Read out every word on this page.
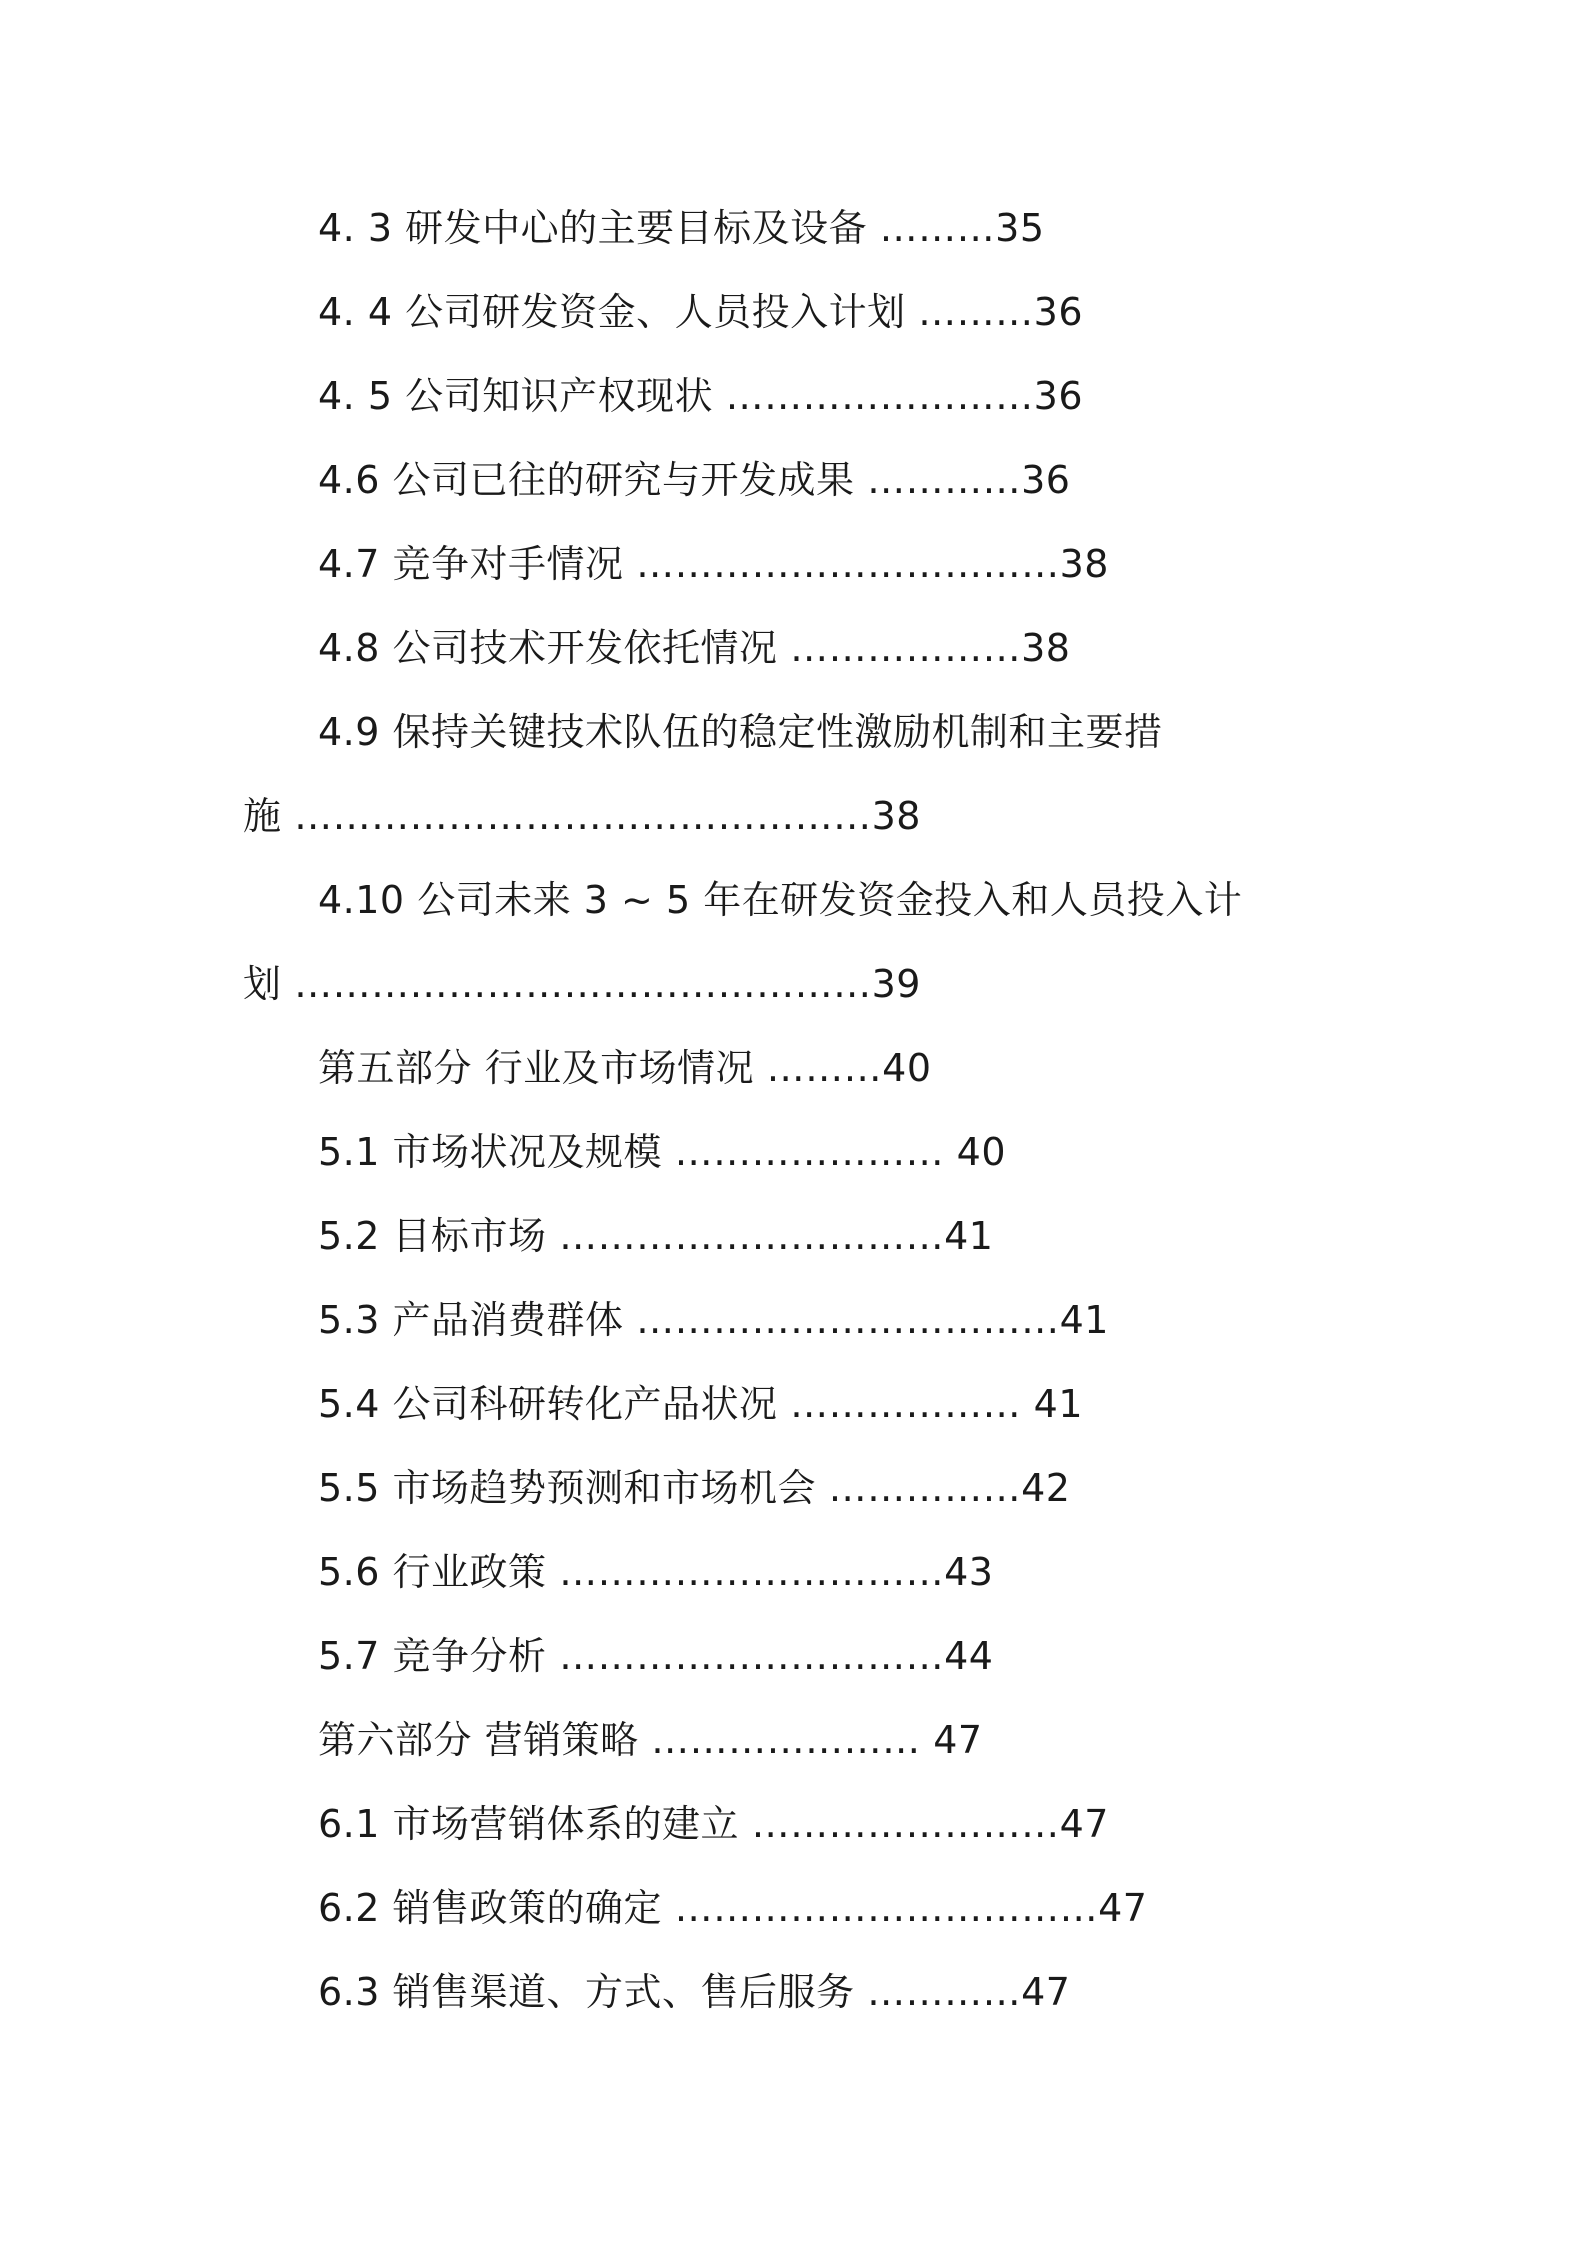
4. 3 研发中心的主要目标及设备 ………35
4. 4 公司研发资金、人员投入计划 ………36
4. 5 公司知识产权现状 ……………………36
4.6 公司已往的研究与开发成果 …………36
4.7 竞争对手情况 ……………………………38
4.8 公司技术开发依托情况 ………………38
4.9 保持关键技术队伍的稳定性激励机制和主要措
施 ………………………………………38
4.10 公司未来 3 ~ 5 年在研发资金投入和人员投入计
划 ………………………………………39
第五部分 行业及市场情况 ………40
5.1 市场状况及规模 ………………… 40
5.2 目标市场 …………………………41
5.3 产品消费群体 ……………………………41
5.4 公司科研转化产品状况 ……………… 41
5.5 市场趋势预测和市场机会 ……………42
5.6 行业政策 …………………………43
5.7 竞争分析 …………………………44
第六部分 营销策略 ………………… 47
6.1 市场营销体系的建立 ……………………47
6.2 销售政策的确定 ……………………………47
6.3 销售渠道、方式、售后服务 …………47
